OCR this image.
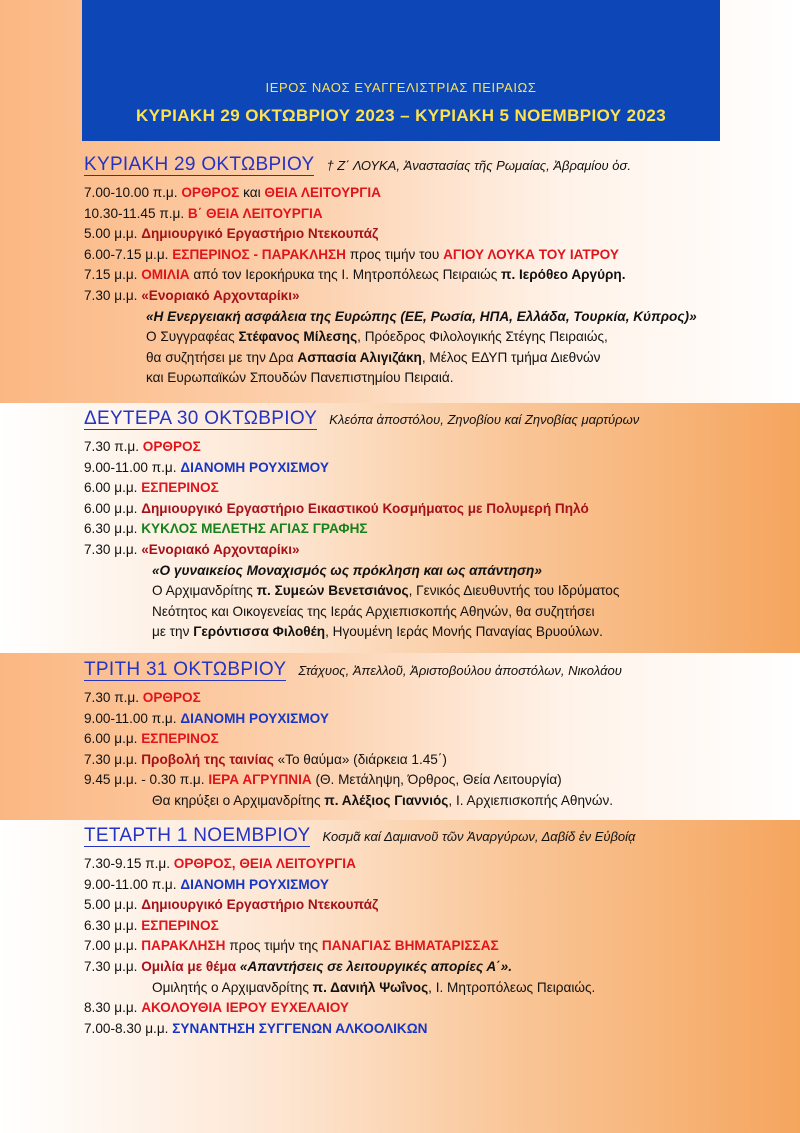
ΙΕΡΟΣ ΝΑΟΣ ΕΥΑΓΓΕΛΙΣΤΡΙΑΣ ΠΕΙΡΑΙΩΣ
ΚΥΡΙΑΚΗ 29 ΟΚΤΩΒΡΙΟΥ 2023 – ΚΥΡΙΑΚΗ 5 ΝΟΕΜΒΡΙΟΥ 2023
ΚΥΡΙΑΚΗ 29 ΟΚΤΩΒΡΙΟΥ † Ζ΄ ΛΟΥΚΑ, Ἀναστασίας τῆς Ρωμαίας, Ἀβραμίου ὁσ.
7.00-10.00 π.μ. ΟΡΘΡΟΣ και ΘΕΙΑ ΛΕΙΤΟΥΡΓΙΑ
10.30-11.45 π.μ. Β΄ ΘΕΙΑ ΛΕΙΤΟΥΡΓΙΑ
5.00 μ.μ. Δημιουργικό Εργαστήριο Ντεκουπάζ
6.00-7.15 μ.μ. ΕΣΠΕΡΙΝΟΣ - ΠΑΡΑΚΛΗΣΗ προς τιμήν του ΑΓΙΟΥ ΛΟΥΚΑ ΤΟΥ ΙΑΤΡΟΥ
7.15 μ.μ. ΟΜΙΛΙΑ από τον Ιεροκήρυκα της Ι. Μητροπόλεως Πειραιώς π. Ιερόθεο Αργύρη.
7.30 μ.μ. «Ενοριακό Αρχονταρίκι»
«Η Ενεργειακή ασφάλεια της Ευρώπης (ΕΕ, Ρωσία, ΗΠΑ, Ελλάδα, Τουρκία, Κύπρος)»
Ο Συγγραφέας Στέφανος Μίλεσης, Πρόεδρος Φιλολογικής Στέγης Πειραιώς,
θα συζητήσει με την Δρα Ασπασία Αλιγιζάκη, Μέλος ΕΔΥΠ τμήμα Διεθνών
και Ευρωπαϊκών Σπουδών Πανεπιστημίου Πειραιά.
ΔΕΥΤΕΡΑ 30 ΟΚΤΩΒΡΙΟΥ Κλεόπα ἀποστόλου, Ζηνοβίου καί Ζηνοβίας μαρτύρων
7.30 π.μ. ΟΡΘΡΟΣ
9.00-11.00 π.μ. ΔΙΑΝΟΜΗ ΡΟΥΧΙΣΜΟΥ
6.00 μ.μ. ΕΣΠΕΡΙΝΟΣ
6.00 μ.μ. Δημιουργικό Εργαστήριο Εικαστικού Κοσμήματος με Πολυμερή Πηλό
6.30 μ.μ. ΚΥΚΛΟΣ ΜΕΛΕΤΗΣ ΑΓΙΑΣ ΓΡΑΦΗΣ
7.30 μ.μ. «Ενοριακό Αρχονταρίκι»
«Ο γυναικείος Μοναχισμός ως πρόκληση και ως απάντηση»
Ο Αρχιμανδρίτης π. Συμεών Βενετσιάνος, Γενικός Διευθυντής του Ιδρύματος
Νεότητος και Οικογενείας της Ιεράς Αρχιεπισκοπής Αθηνών, θα συζητήσει
με την Γερόντισσα Φιλοθέη, Ηγουμένη Ιεράς Μονής Παναγίας Βρυούλων.
ΤΡΙΤΗ 31 ΟΚΤΩΒΡΙΟΥ Στάχυος, Ἀπελλοῦ, Ἀριστοβούλου ἀποστόλων, Νικολάου
7.30 π.μ. ΟΡΘΡΟΣ
9.00-11.00 π.μ. ΔΙΑΝΟΜΗ ΡΟΥΧΙΣΜΟΥ
6.00 μ.μ. ΕΣΠΕΡΙΝΟΣ
7.30 μ.μ. Προβολή της ταινίας «Το θαύμα» (διάρκεια 1.45΄)
9.45 μ.μ. - 0.30 π.μ. ΙΕΡΑ ΑΓΡΥΠΝΙΑ (Θ. Μετάληψη, Όρθρος, Θεία Λειτουργία)
Θα κηρύξει ο Αρχιμανδρίτης π. Αλέξιος Γιαννιός, Ι. Αρχιεπισκοπής Αθηνών.
ΤΕΤΑΡΤΗ 1 ΝΟΕΜΒΡΙΟΥ Κοσμᾶ καί Δαμιανοῦ τῶν Ἀναργύρων, Δαβίδ ἐν Εὐβοίᾳ
7.30-9.15 π.μ. ΟΡΘΡΟΣ, ΘΕΙΑ ΛΕΙΤΟΥΡΓΙΑ
9.00-11.00 π.μ. ΔΙΑΝΟΜΗ ΡΟΥΧΙΣΜΟΥ
5.00 μ.μ. Δημιουργικό Εργαστήριο Ντεκουπάζ
6.30 μ.μ. ΕΣΠΕΡΙΝΟΣ
7.00 μ.μ. ΠΑΡΑΚΛΗΣΗ προς τιμήν της ΠΑΝΑΓΙΑΣ ΒΗΜΑΤΑΡΙΣΣΑΣ
7.30 μ.μ. Ομιλία με θέμα «Απαντήσεις σε λειτουργικές απορίες Α΄».
Ομιλητής ο Αρχιμανδρίτης π. Δανιήλ Ψωΐνος, Ι. Μητροπόλεως Πειραιώς.
8.30 μ.μ. ΑΚΟΛΟΥΘΙΑ ΙΕΡΟΥ ΕΥΧΕΛΑΙΟΥ
7.00-8.30 μ.μ. ΣΥΝΑΝΤΗΣΗ ΣΥΓΓΕΝΩΝ ΑΛΚΟΟΛΙΚΩΝ
